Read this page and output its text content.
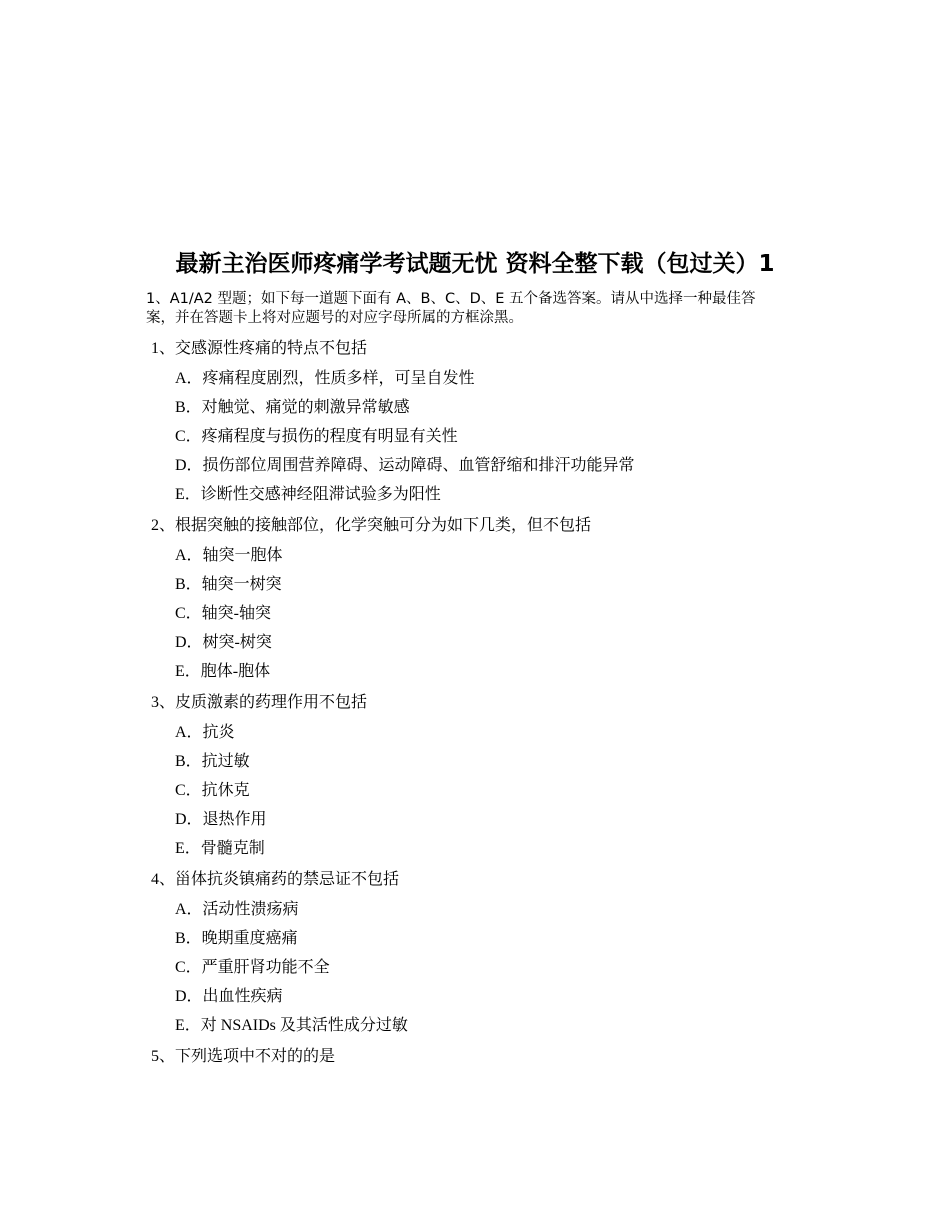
最新主治医师疼痛学考试题无忧 资料全整下载（包过关）1
1、A1/A2 型题；如下每一道题下面有 A、B、C、D、E 五个备选答案。请从中选择一种最佳答
案，并在答题卡上将对应题号的对应字母所属的方框涂黑。
1、交感源性疼痛的特点不包括
A．疼痛程度剧烈，性质多样，可呈自发性
B．对触觉、痛觉的刺激异常敏感
C．疼痛程度与损伤的程度有明显有关性
D．损伤部位周围营养障碍、运动障碍、血管舒缩和排汗功能异常
E．诊断性交感神经阻滞试验多为阳性
2、根据突触的接触部位，化学突触可分为如下几类，但不包括
A．轴突一胞体
B．轴突一树突
C．轴突-轴突
D．树突-树突
E．胞体-胞体
3、皮质激素的药理作用不包括
A．抗炎
B．抗过敏
C．抗休克
D．退热作用
E．骨髓克制
4、甾体抗炎镇痛药的禁忌证不包括
A．活动性溃疡病
B．晚期重度癌痛
C．严重肝肾功能不全
D．出血性疾病
E．对 NSAIDs 及其活性成分过敏
5、下列选项中不对的的是
